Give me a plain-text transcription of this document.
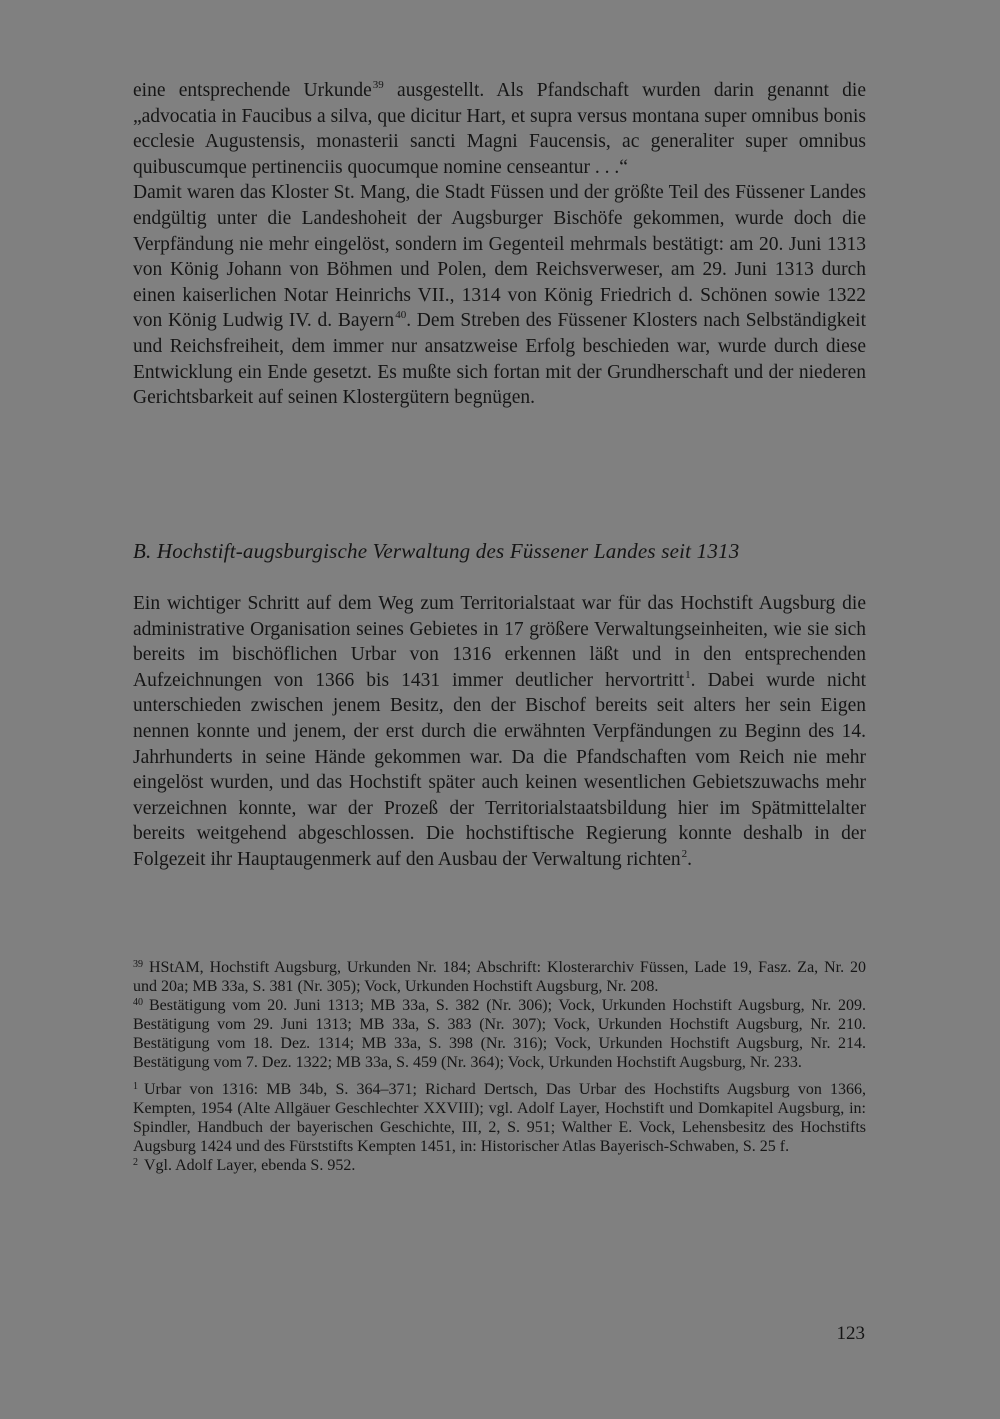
eine entsprechende Urkunde$^{39}$ ausgestellt. Als Pfandschaft wurden darin genannt die „advocatia in Faucibus a silva, que dicitur Hart, et supra versus montana super omnibus bonis ecclesie Augustensis, monasterii sancti Magni Faucensis, ac generaliter super omnibus quibuscumque pertinenciis quocumque nomine censeantur . . .“

Damit waren das Kloster St. Mang, die Stadt Füssen und der größte Teil des Füssener Landes endgültig unter die Landeshoheit der Augsburger Bischöfe gekommen, wurde doch die Verpfändung nie mehr eingelöst, sondern im Gegenteil mehrmals bestätigt: am 20. Juni 1313 von König Johann von Böhmen und Polen, dem Reichsverweser, am 29. Juni 1313 durch einen kaiserlichen Notar Heinrichs VII., 1314 von König Friedrich d. Schönen sowie 1322 von König Ludwig IV. d. Bayern$^{40}$. Dem Streben des Füssener Klosters nach Selbständigkeit und Reichsfreiheit, dem immer nur ansatzweise Erfolg beschieden war, wurde durch diese Entwicklung ein Ende gesetzt. Es mußte sich fortan mit der Grundherschaft und der niederen Gerichtsbarkeit auf seinen Klostergütern begnügen.

B. Hochstift-augsburgische Verwaltung des Füssener Landes seit 1313

Ein wichtiger Schritt auf dem Weg zum Territorialstaat war für das Hochstift Augsburg die administrative Organisation seines Gebietes in 17 größere Verwaltungseinheiten, wie sie sich bereits im bischöflichen Urbar von 1316 erkennen läßt und in den entsprechenden Aufzeichnungen von 1366 bis 1431 immer deutlicher hervortritt$^1$. Dabei wurde nicht unterschieden zwischen jenem Besitz, den der Bischof bereits seit alters her sein Eigen nennen konnte und jenem, der erst durch die erwähnten Verpfändungen zu Beginn des 14. Jahrhunderts in seine Hände gekommen war. Da die Pfandschaften vom Reich nie mehr eingelöst wurden, und das Hochstift später auch keinen wesentlichen Gebietszuwachs mehr verzeichnen konnte, war der Prozeß der Territorialstaatsbildung hier im Spätmittelalter bereits weitgehend abgeschlossen. Die hochstiftische Regierung konnte deshalb in der Folgezeit ihr Hauptaugenmerk auf den Ausbau der Verwaltung richten$^2$.

$^{39}$ HStAM, Hochstift Augsburg, Urkunden Nr. 184; Abschrift: Klosterarchiv Füssen, Lade 19, Fasz. Za, Nr. 20 und 20a; MB 33a, S. 381 (Nr. 305); Vock, Urkunden Hochstift Augsburg, Nr. 208.

$^{40}$ Bestätigung vom 20. Juni 1313; MB 33a, S. 382 (Nr. 306); Vock, Urkunden Hochstift Augsburg, Nr. 209. Bestätigung vom 29. Juni 1313; MB 33a, S. 383 (Nr. 307); Vock, Urkunden Hochstift Augsburg, Nr. 210. Bestätigung vom 18. Dez. 1314; MB 33a, S. 398 (Nr. 316); Vock, Urkunden Hochstift Augsburg, Nr. 214. Bestätigung vom 7. Dez. 1322; MB 33a, S. 459 (Nr. 364); Vock, Urkunden Hochstift Augsburg, Nr. 233.

$^1$ Urbar von 1316: MB 34b, S. 364–371; Richard Dertsch, Das Urbar des Hochstifts Augsburg von 1366, Kempten, 1954 (Alte Allgäuer Geschlechter XXVIII); vgl. Adolf Layer, Hochstift und Domkapitel Augsburg, in: Spindler, Handbuch der bayerischen Geschichte, III, 2, S. 951; Walther E. Vock, Lehensbesitz des Hochstifts Augsburg 1424 und des Fürststifts Kempten 1451, in: Historischer Atlas Bayerisch-Schwaben, S. 25 f.

$^2$ Vgl. Adolf Layer, ebenda S. 952.

123
